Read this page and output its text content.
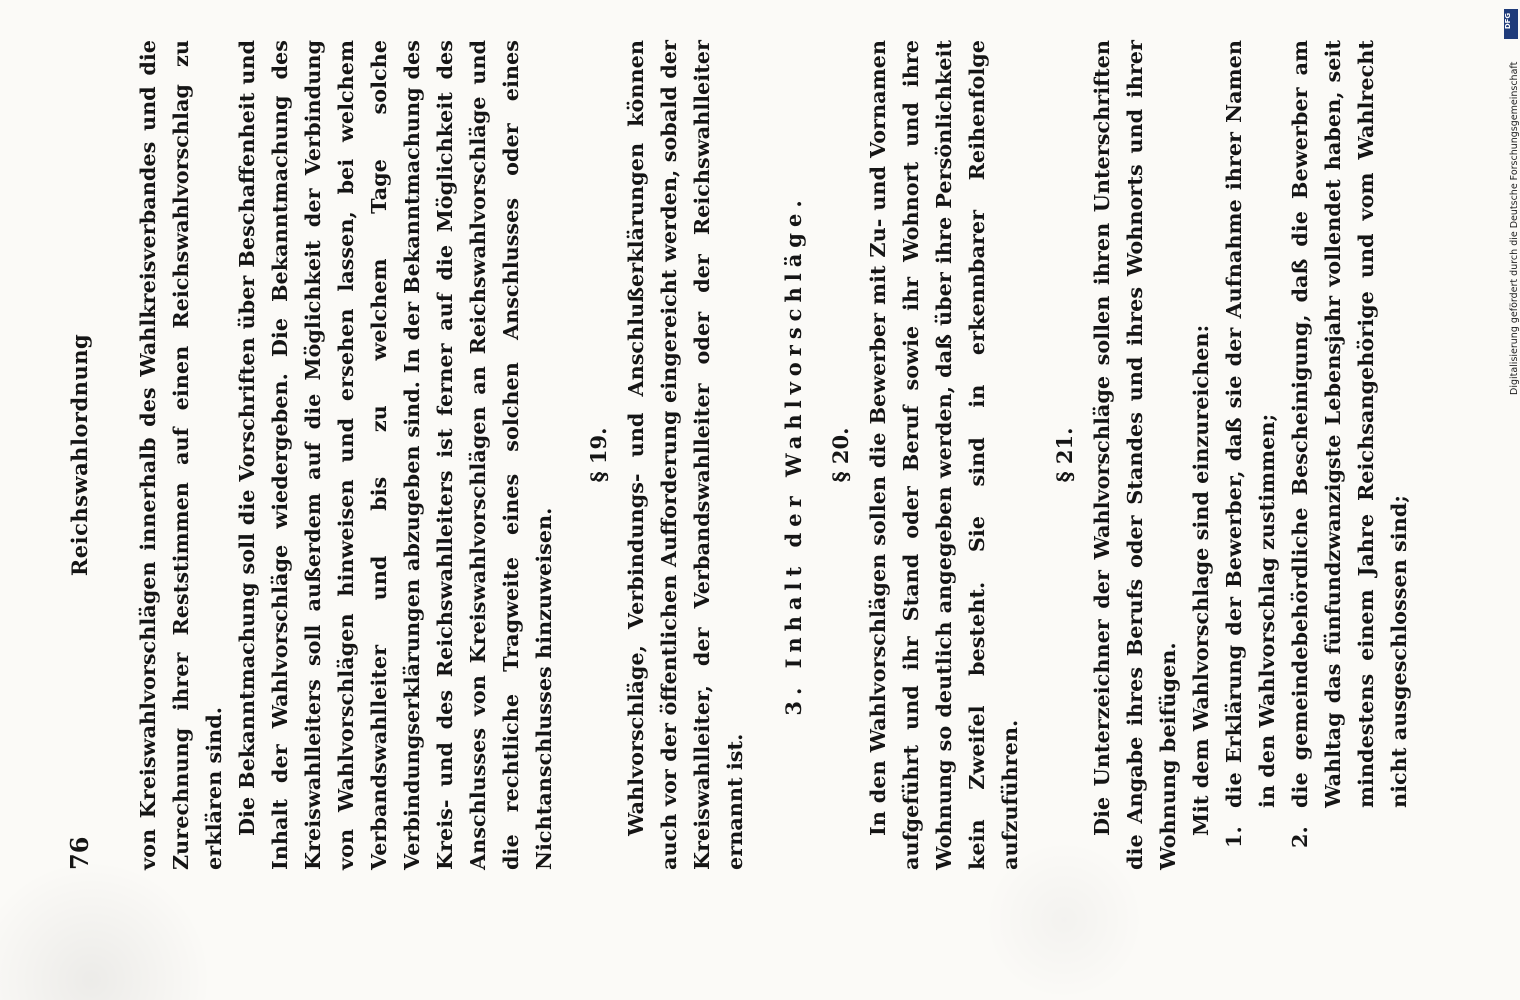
76
Reichswahlordnung von Kreiswahlvorschlägen innerhalb des Wahlkreisverbandes und die Zurechnung ihrer Reststimmen auf einen Reichswahlvorschlag zu erklären sind. Die Bekanntmachung soll die Vorschriften über Beschaffenheit und Inhalt der Wahlvorschläge wiedergeben. Die Bekanntmachung des Kreiswahlleiters soll außerdem auf die Möglichkeit der Verbindung von Wahlvorschlägen hinweisen und ersehen lassen, bei welchem Verbandswahlleiter und bis zu welchem Tage solche Verbindungserklärungen abzugeben sind. In der Bekanntmachung des Kreis- und des Reichswahlleiters ist ferner auf die Möglichkeit des Anschlusses von Kreiswahlvorschlägen an Reichswahlvorschläge und die rechtliche Tragweite eines solchen Anschlusses oder eines Nichtanschlusses hinzuweisen.

§ 19. Wahlvorschläge, Verbindungs- und Anschlußerklärungen können auch vor der öffentlichen Aufforderung eingereicht werden, sobald der Kreiswahlleiter, der Verbandswahlleiter oder der Reichswahlleiter ernannt ist.

3. Inhalt der Wahlvorschläge. § 20. In den Wahlvorschlägen sollen die Bewerber mit Zu- und Vornamen aufgeführt und ihr Stand oder Beruf sowie ihr Wohnort und ihre Wohnung so deutlich angegeben werden, daß über ihre Persönlichkeit kein Zweifel besteht. Sie sind in erkennbarer Reihenfolge aufzuführen.

§ 21. Die Unterzeichner der Wahlvorschläge sollen ihren Unterschriften die Angabe ihres Berufs oder Standes und ihres Wohnorts und ihrer Wohnung beifügen. Mit dem Wahlvorschlage sind einzureichen:

1.
die Erklärung der Bewerber, daß sie der Aufnahme ihrer Namen in den Wahlvorschlag zustimmen;
2.
die gemeindebehördliche Bescheinigung, daß die Bewerber am Wahltag das fünfundzwanzigste Lebensjahr vollendet haben, seit mindestens einem Jahre Reichsangehörige und vom Wahlrecht nicht ausgeschlossen sind;
DFG
Digitalisierung gefördert durch die Deutsche Forschungsgemeinschaft
